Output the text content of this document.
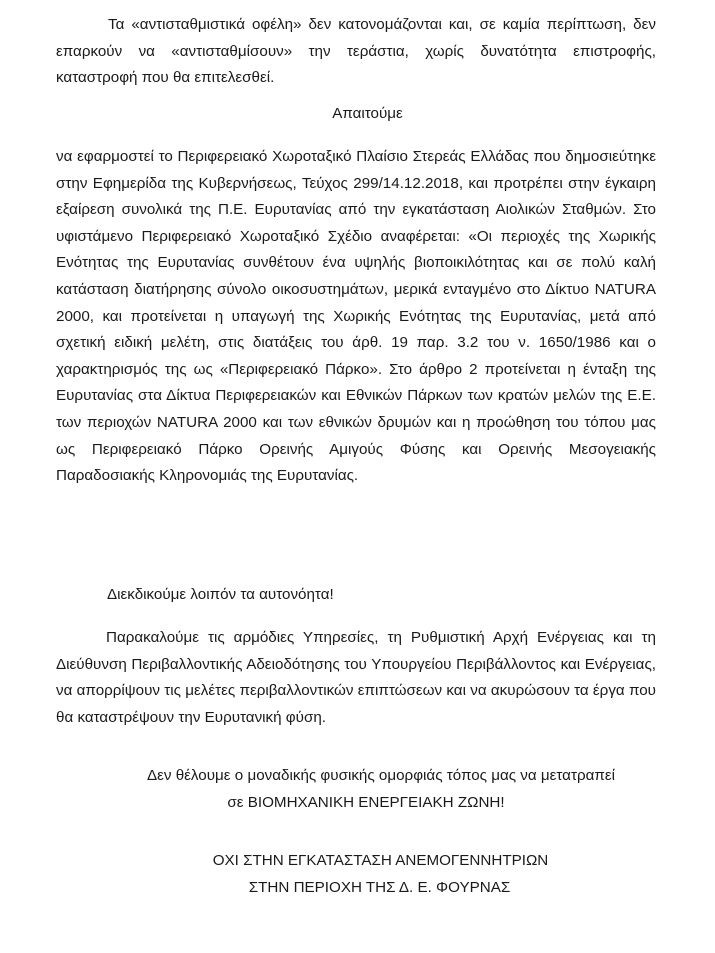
Τα «αντισταθμιστικά οφέλη» δεν κατονομάζονται και, σε καμία περίπτωση, δεν επαρκούν να «αντισταθμίσουν» την τεράστια, χωρίς δυνατότητα επιστροφής, καταστροφή που θα επιτελεσθεί.

Απαιτούμε

να εφαρμοστεί το Περιφερειακό Χωροταξικό Πλαίσιο Στερεάς Ελλάδας που δημοσιεύτηκε στην Εφημερίδα της Κυβερνήσεως, Τεύχος 299/14.12.2018, και προτρέπει στην έγκαιρη εξαίρεση συνολικά της Π.Ε. Ευρυτανίας από την εγκατάσταση Αιολικών Σταθμών. Στο υφιστάμενο Περιφερειακό Χωροταξικό Σχέδιο αναφέρεται: «Οι περιοχές της Χωρικής Ενότητας της Ευρυτανίας συνθέτουν ένα υψηλής βιοποικιλότητας και σε πολύ καλή κατάσταση διατήρησης σύνολο οικοσυστημάτων, μερικά ενταγμένο στο Δίκτυο NATURA 2000, και προτείνεται η υπαγωγή της Χωρικής Ενότητας της Ευρυτανίας, μετά από σχετική ειδική μελέτη, στις διατάξεις του άρθ. 19 παρ. 3.2 του ν. 1650/1986 και ο χαρακτηρισμός της ως «Περιφερειακό Πάρκο». Στο άρθρο 2 προτείνεται η ένταξη της Ευρυτανίας στα Δίκτυα Περιφερειακών και Εθνικών Πάρκων των κρατών μελών της Ε.Ε. των περιοχών NATURA 2000 και των εθνικών δρυμών και η προώθηση του τόπου μας ως Περιφερειακό Πάρκο Ορεινής Αμιγούς Φύσης και Ορεινής Μεσογειακής Παραδοσιακής Κληρονομιάς της Ευρυτανίας.

Διεκδικούμε λοιπόν τα αυτονόητα!

Παρακαλούμε τις αρμόδιες Υπηρεσίες, τη Ρυθμιστική Αρχή Ενέργειας και τη Διεύθυνση Περιβαλλοντικής Αδειοδότησης του Υπουργείου Περιβάλλοντος και Ενέργειας, να απορρίψουν τις μελέτες περιβαλλοντικών επιπτώσεων και να ακυρώσουν τα έργα που θα καταστρέψουν την Ευρυτανική φύση.

Δεν θέλουμε ο μοναδικής φυσικής ομορφιάς τόπος μας να μετατραπεί
σε ΒΙΟΜΗΧΑΝΙΚΗ ΕΝΕΡΓΕΙΑΚΗ ΖΩΝΗ!
ΟΧΙ ΣΤΗΝ ΕΓΚΑΤΑΣΤΑΣΗ ΑΝΕΜΟΓΕΝΝΗΤΡΙΩΝ
ΣΤΗΝ ΠΕΡΙΟΧΗ ΤΗΣ Δ. Ε. ΦΟΥΡΝΑΣ
